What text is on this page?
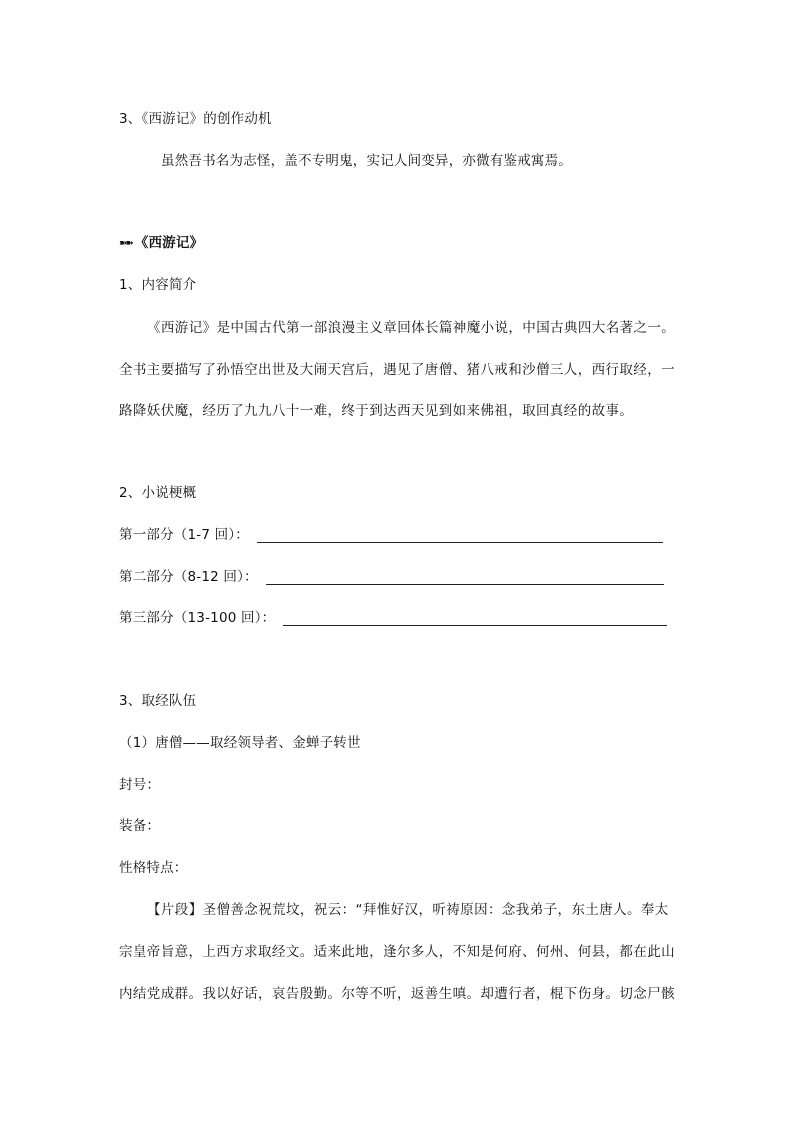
3、《西游记》的创作动机
虽然吾书名为志怪，盖不专明鬼，实记人间变异，亦微有鉴戒寓焉。
➽➽ 《西游记》
1、内容简介
《西游记》是中国古代第一部浪漫主义章回体长篇神魔小说，中国古典四大名著之一。
全书主要描写了孙悟空出世及大闹天宫后，遇见了唐僧、猪八戒和沙僧三人，西行取经，一
路降妖伏魔，经历了九九八十一难，终于到达西天见到如来佛祖，取回真经的故事。
2、小说梗概
第一部分（1-7 回）：
第二部分（8-12 回）：
第三部分（13-100 回）：
3、取经队伍
（1）唐僧——取经领导者、金蝉子转世
封号：
装备：
性格特点：
【片段】圣僧善念祝荒坟，祝云：“拜惟好汉，听祷原因：念我弟子，东土唐人。奉太
宗皇帝旨意，上西方求取经文。适来此地，逢尔多人，不知是何府、何州、何县，都在此山
内结党成群。我以好话，哀告殷勤。尔等不听，返善生嗔。却遭行者，棍下伤身。切念尸骸
